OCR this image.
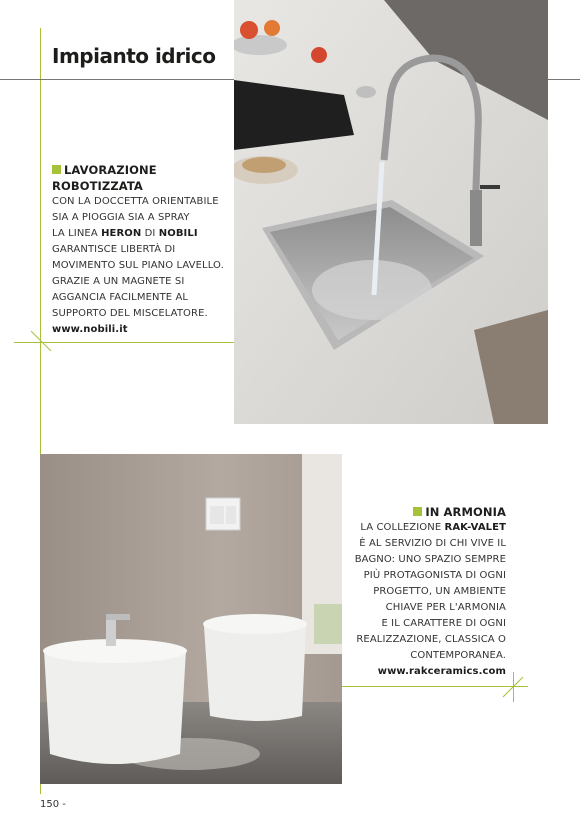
Impianto idrico
LAVORAZIONE
ROBOTIZZATA
CON LA DOCCETTA ORIENTABILE
SIA A PIOGGIA SIA A SPRAY
LA LINEA HERON DI NOBILI
GARANTISCE LIBERTÀ DI
MOVIMENTO SUL PIANO LAVELLO.
GRAZIE A UN MAGNETE SI
AGGANCIA FACILMENTE AL
SUPPORTO DEL MISCELATORE.
www.nobili.it
IN ARMONIA
LA COLLEZIONE RAK-VALET
È AL SERVIZIO DI CHI VIVE IL
BAGNO: UNO SPAZIO SEMPRE
PIÙ PROTAGONISTA DI OGNI
PROGETTO, UN AMBIENTE
CHIAVE PER L'ARMONIA
E IL CARATTERE DI OGNI
REALIZZAZIONE, CLASSICA O
CONTEMPORANEA.
www.rakceramics.com
150 -
